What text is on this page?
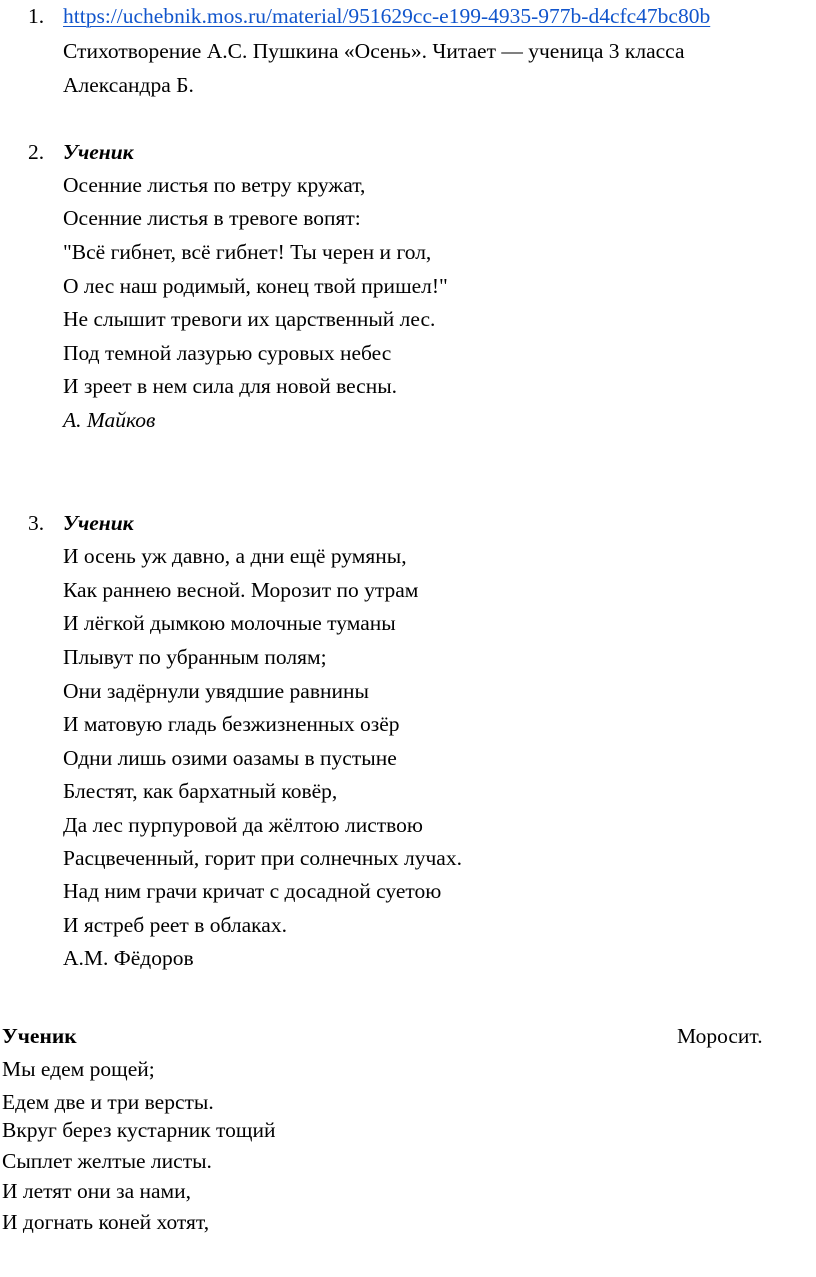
1. https://uchebnik.mos.ru/material/951629cc-e199-4935-977b-d4cfc47bc80b
Стихотворение А.С. Пушкина «Осень». Читает — ученица 3 класса
Александра Б.
2. Ученик
Осенние листья по ветру кружат,
Осенние листья в тревоге вопят:
"Всё гибнет, всё гибнет! Ты черен и гол,
О лес наш родимый, конец твой пришел!"
Не слышит тревоги их царственный лес.
Под темной лазурью суровых небес
И зреет в нем сила для новой весны.
А. Майков
3. Ученик
И осень уж давно, а дни ещё румяны,
Как раннею весной. Морозит по утрам
И лёгкой дымкою молочные туманы
Плывут по убранным полям;
Они задёрнули увядшие равнины
И матовую гладь безжизненных озёр
Одни лишь озими оазамы в пустыне
Блестят, как бархатный ковёр,
Да лес пурпуровой да жёлтою листвою
Расцвеченный, горит при солнечных лучах.
Над ним грачи кричат с досадной суетою
И ястреб реет в облаках.
А.М. Фёдоров
Ученик	Моросит.
Мы едем рощей;
Едем две и три версты.
Вкруг берез кустарник тощий
Сыплет желтые листы.
И летят они за нами,
И догнать коней хотят,
